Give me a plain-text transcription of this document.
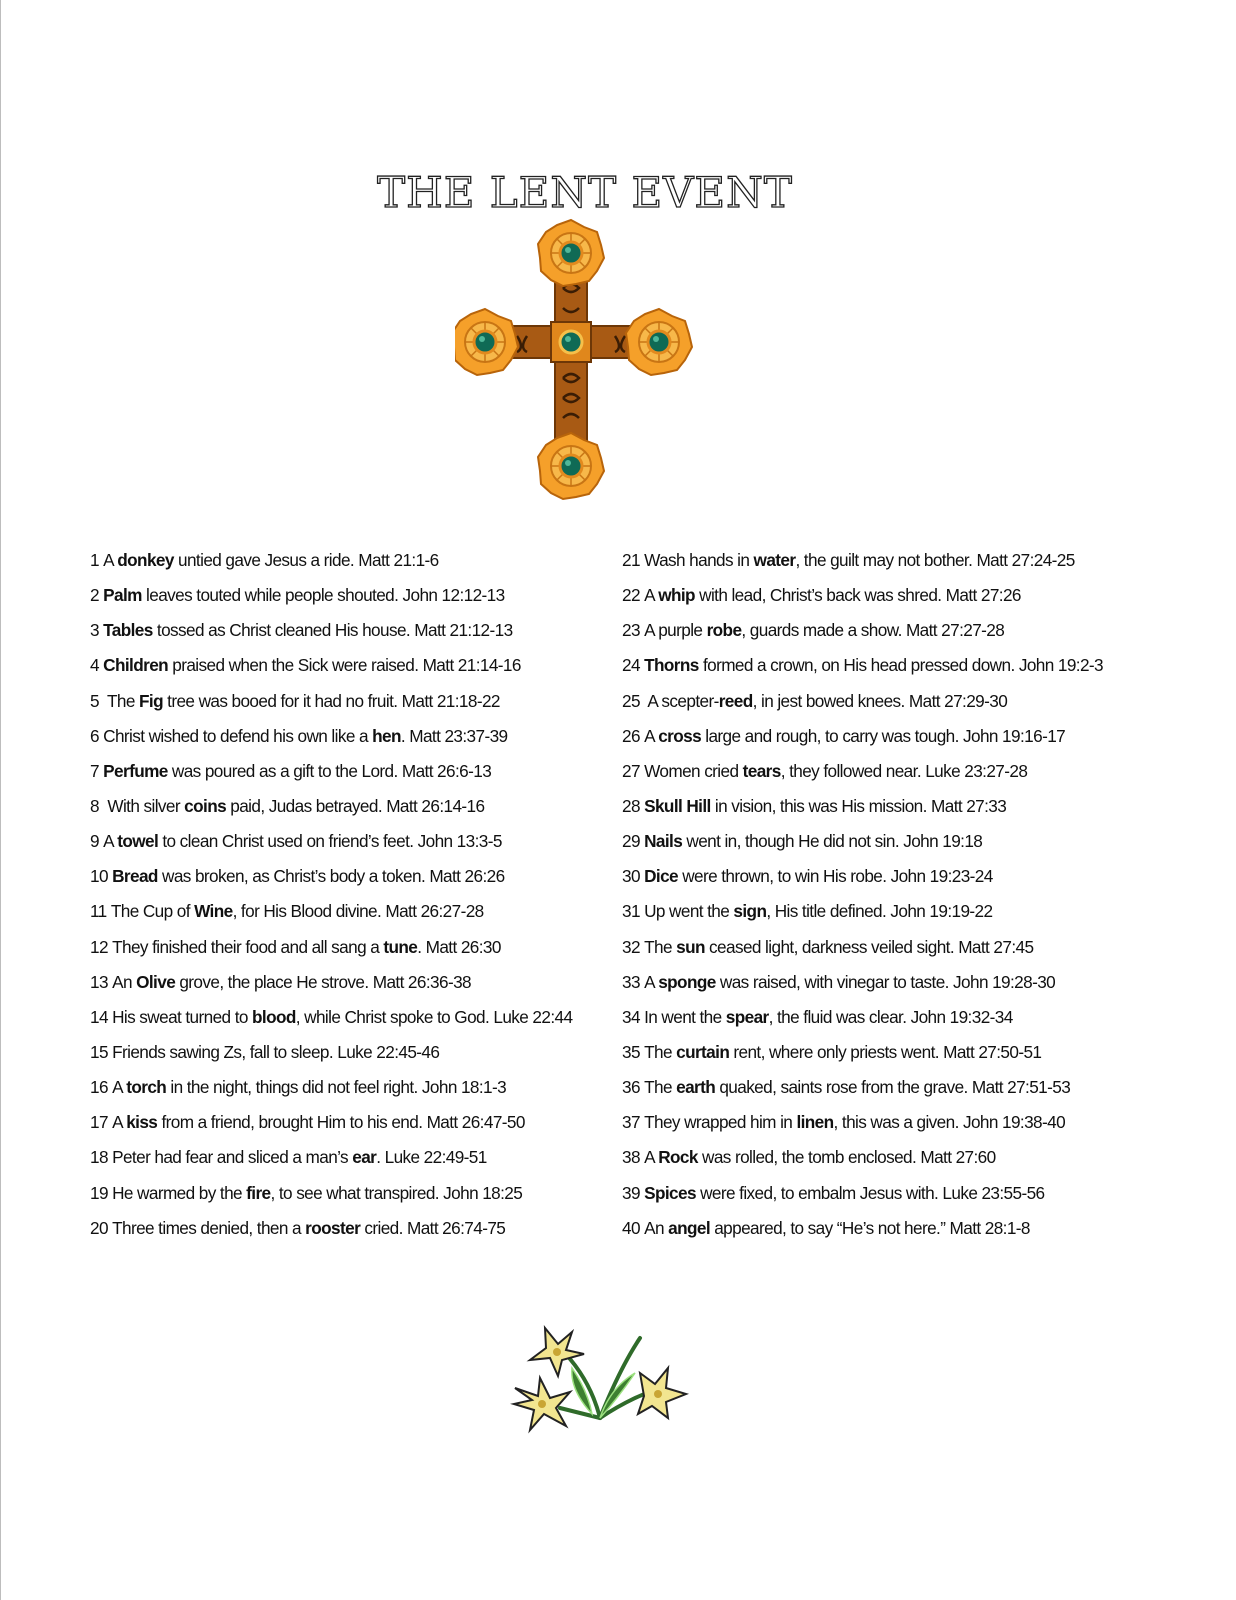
THE LENT EVENT
1 A donkey untied gave Jesus a ride. Matt 21:1-6
2 Palm leaves touted while people shouted. John 12:12-13
3 Tables tossed as Christ cleaned His house. Matt 21:12-13
4 Children praised when the Sick were raised. Matt 21:14-16
5  The Fig tree was booed for it had no fruit. Matt 21:18-22
6 Christ wished to defend his own like a hen. Matt 23:37-39
7 Perfume was poured as a gift to the Lord. Matt 26:6-13
8  With silver coins paid, Judas betrayed. Matt 26:14-16
9 A towel to clean Christ used on friend’s feet. John 13:3-5
10 Bread was broken, as Christ’s body a token. Matt 26:26
11 The Cup of Wine, for His Blood divine. Matt 26:27-28
12 They finished their food and all sang a tune. Matt 26:30
13 An Olive grove, the place He strove. Matt 26:36-38
14 His sweat turned to blood, while Christ spoke to God. Luke 22:44
15 Friends sawing Zs, fall to sleep. Luke 22:45-46
16 A torch in the night, things did not feel right. John 18:1-3
17 A kiss from a friend, brought Him to his end. Matt 26:47-50
18 Peter had fear and sliced a man’s ear. Luke 22:49-51
19 He warmed by the fire, to see what transpired. John 18:25
20 Three times denied, then a rooster cried. Matt 26:74-75
21 Wash hands in water, the guilt may not bother. Matt 27:24-25
22 A whip with lead, Christ’s back was shred. Matt 27:26
23 A purple robe, guards made a show. Matt 27:27-28
24 Thorns formed a crown, on His head pressed down. John 19:2-3
25  A scepter-reed, in jest bowed knees. Matt 27:29-30
26 A cross large and rough, to carry was tough. John 19:16-17
27 Women cried tears, they followed near. Luke 23:27-28
28 Skull Hill in vision, this was His mission. Matt 27:33
29 Nails went in, though He did not sin. John 19:18
30 Dice were thrown, to win His robe. John 19:23-24
31 Up went the sign, His title defined. John 19:19-22
32 The sun ceased light, darkness veiled sight. Matt 27:45
33 A sponge was raised, with vinegar to taste. John 19:28-30
34 In went the spear, the fluid was clear. John 19:32-34
35 The curtain rent, where only priests went. Matt 27:50-51
36 The earth quaked, saints rose from the grave. Matt 27:51-53
37 They wrapped him in linen, this was a given. John 19:38-40
38 A Rock was rolled, the tomb enclosed. Matt 27:60
39 Spices were fixed, to embalm Jesus with. Luke 23:55-56
40 An angel appeared, to say “He’s not here.” Matt 28:1-8
